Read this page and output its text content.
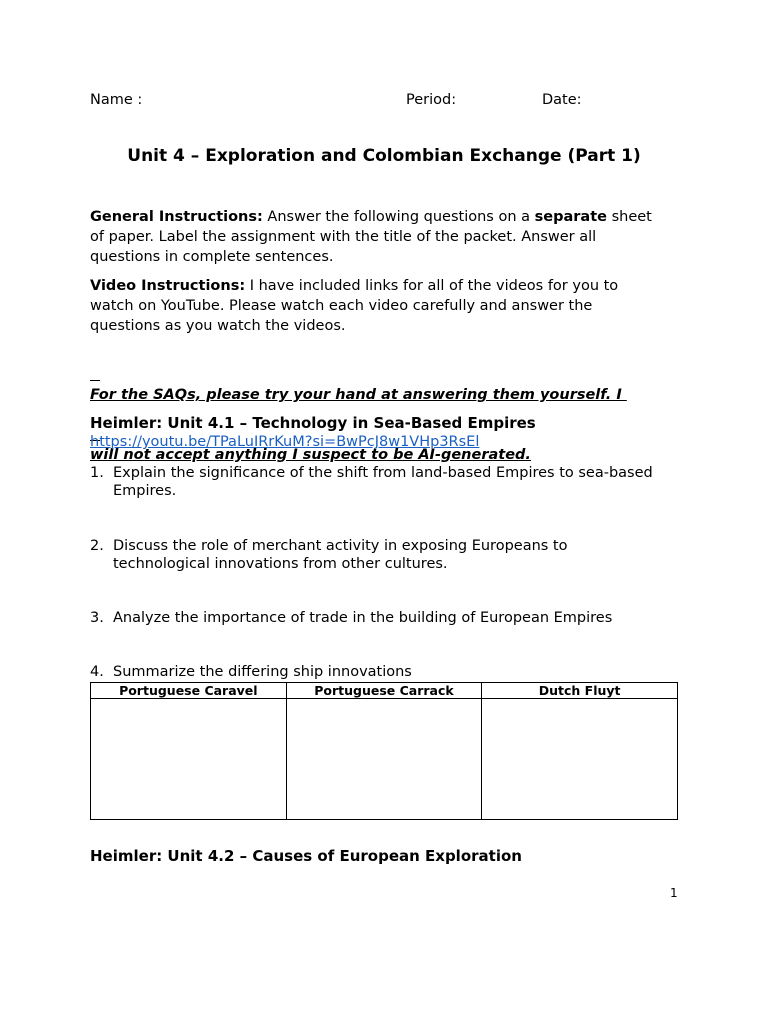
Name :	Period:	Date:
Unit 4 – Exploration and Colombian Exchange (Part 1)
General Instructions: Answer the following questions on a separate sheet
of paper. Label the assignment with the title of the packet. Answer all
questions in complete sentences.
Video Instructions: I have included links for all of the videos for you to
watch on YouTube. Please watch each video carefully and answer the
questions as you watch the videos.

For the SAQs, please try your hand at answering them yourself. I

will not accept anything I suspect to be AI-generated.

Heimler: Unit 4.1 – Technology in Sea-Based Empires
https://youtu.be/TPaLuIRrKuM?si=BwPcJ8w1VHp3RsEl
1. Explain the significance of the shift from land-based Empires to sea-based
Empires.
2. Discuss the role of merchant activity in exposing Europeans to
technological innovations from other cultures.
3. Analyze the importance of trade in the building of European Empires
4. Summarize the differing ship innovations
Portuguese Caravel	Portuguese Carrack	Dutch Fluyt

Heimler: Unit 4.2 – Causes of European Exploration
1
